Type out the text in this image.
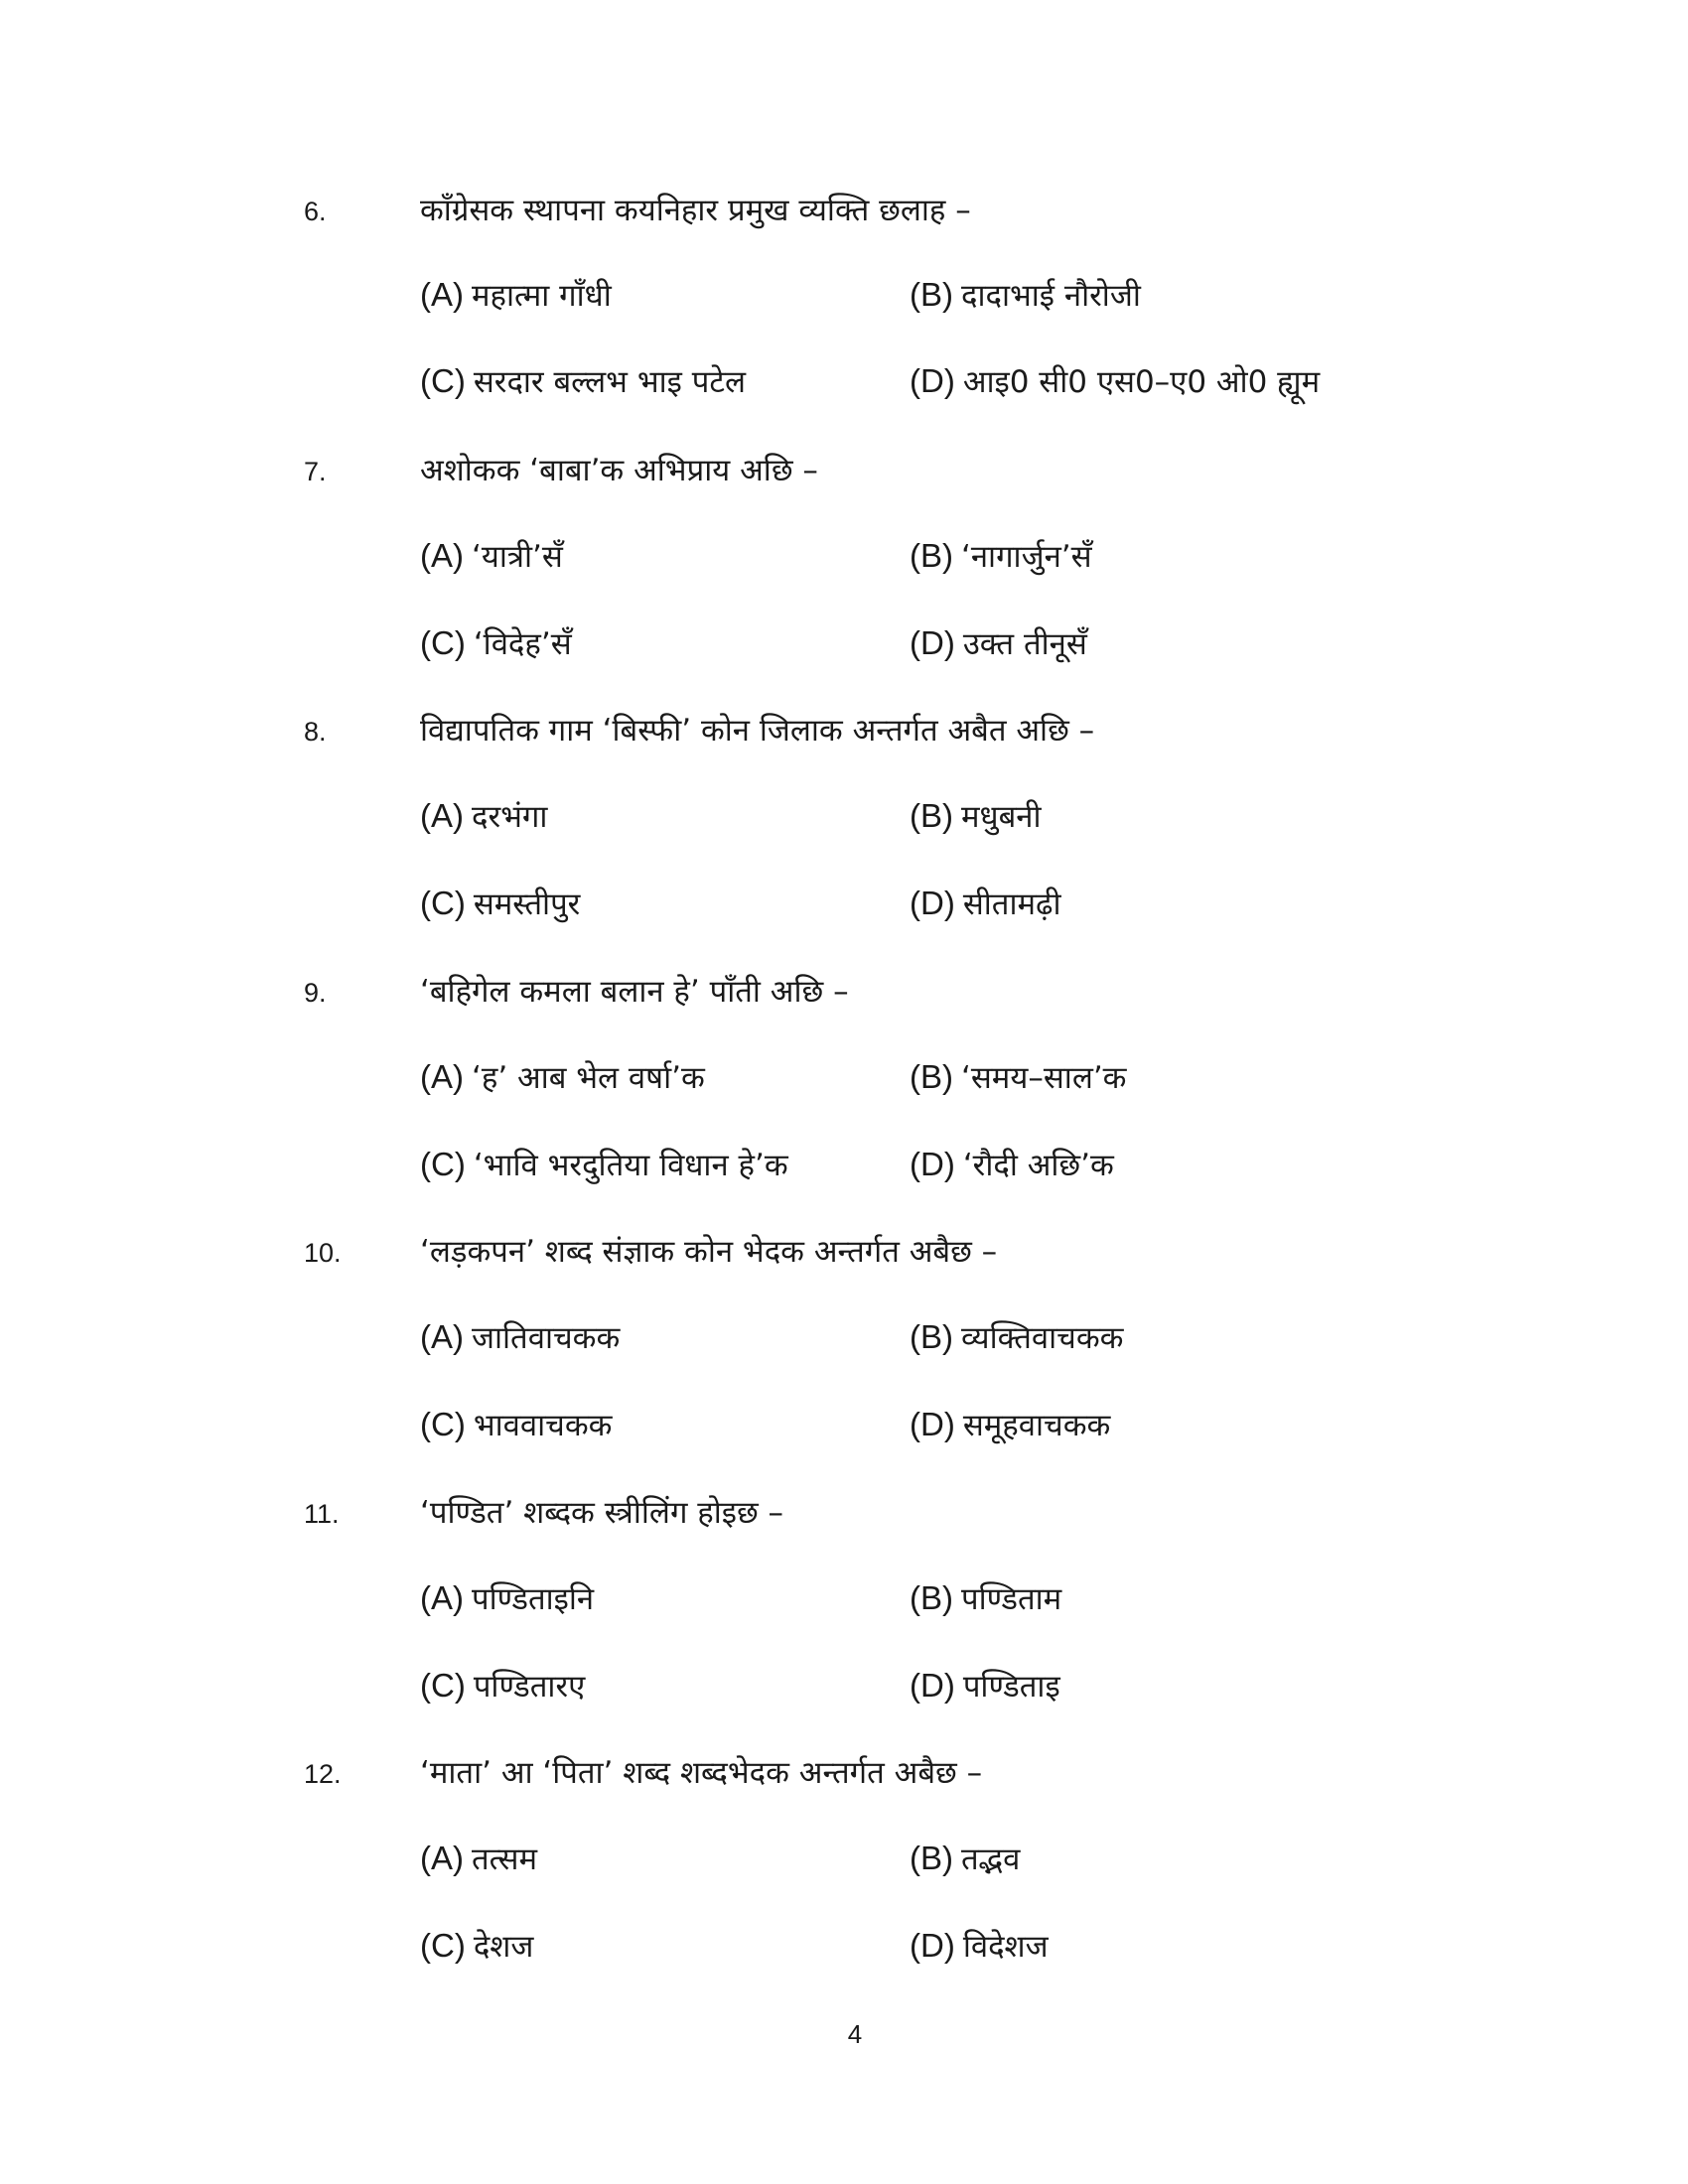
6.	काँग्रेसक स्थापना कयनिहार प्रमुख व्यक्ति छलाह –
(A) महात्मा गाँधी	(B) दादाभाई नौरोजी
(C) सरदार बल्लभ भाइ पटेल	(D) आइ0 सी0 एस0–ए0 ओ0 ह्यूम
7.	अशोकक ‘बाबा’क अभिप्राय अछि –
(A) ‘यात्री’सँ	(B) ‘नागार्जुन’सँ
(C) ‘विदेह’सँ	(D) उक्त तीनूसँ
8.	विद्यापतिक गाम ‘बिस्फी’ कोन जिलाक अन्तर्गत अबैत अछि –
(A) दरभंगा	(B) मधुबनी
(C) समस्तीपुर	(D) सीतामढ़ी
9.	‘बहिगेल कमला बलान हे’ पाँती अछि –
(A) ‘ह’ आब भेल वर्षा’क	(B) ‘समय–साल’क
(C) ‘भावि भरदुतिया विधान हे’क	(D) ‘रौदी अछि’क
10.	‘लड़कपन’ शब्द संज्ञाक कोन भेदक अन्तर्गत अबैछ –
(A) जातिवाचकक	(B) व्यक्तिवाचकक
(C) भाववाचकक	(D) समूहवाचकक
11.	‘पण्डित’ शब्दक स्त्रीलिंग होइछ –
(A) पण्डिताइनि	(B) पण्डिताम
(C) पण्डितारए	(D) पण्डिताइ
12.	‘माता’ आ ‘पिता’ शब्द शब्दभेदक अन्तर्गत अबैछ –
(A) तत्सम	(B) तद्भव
(C) देशज	(D) विदेशज
4
